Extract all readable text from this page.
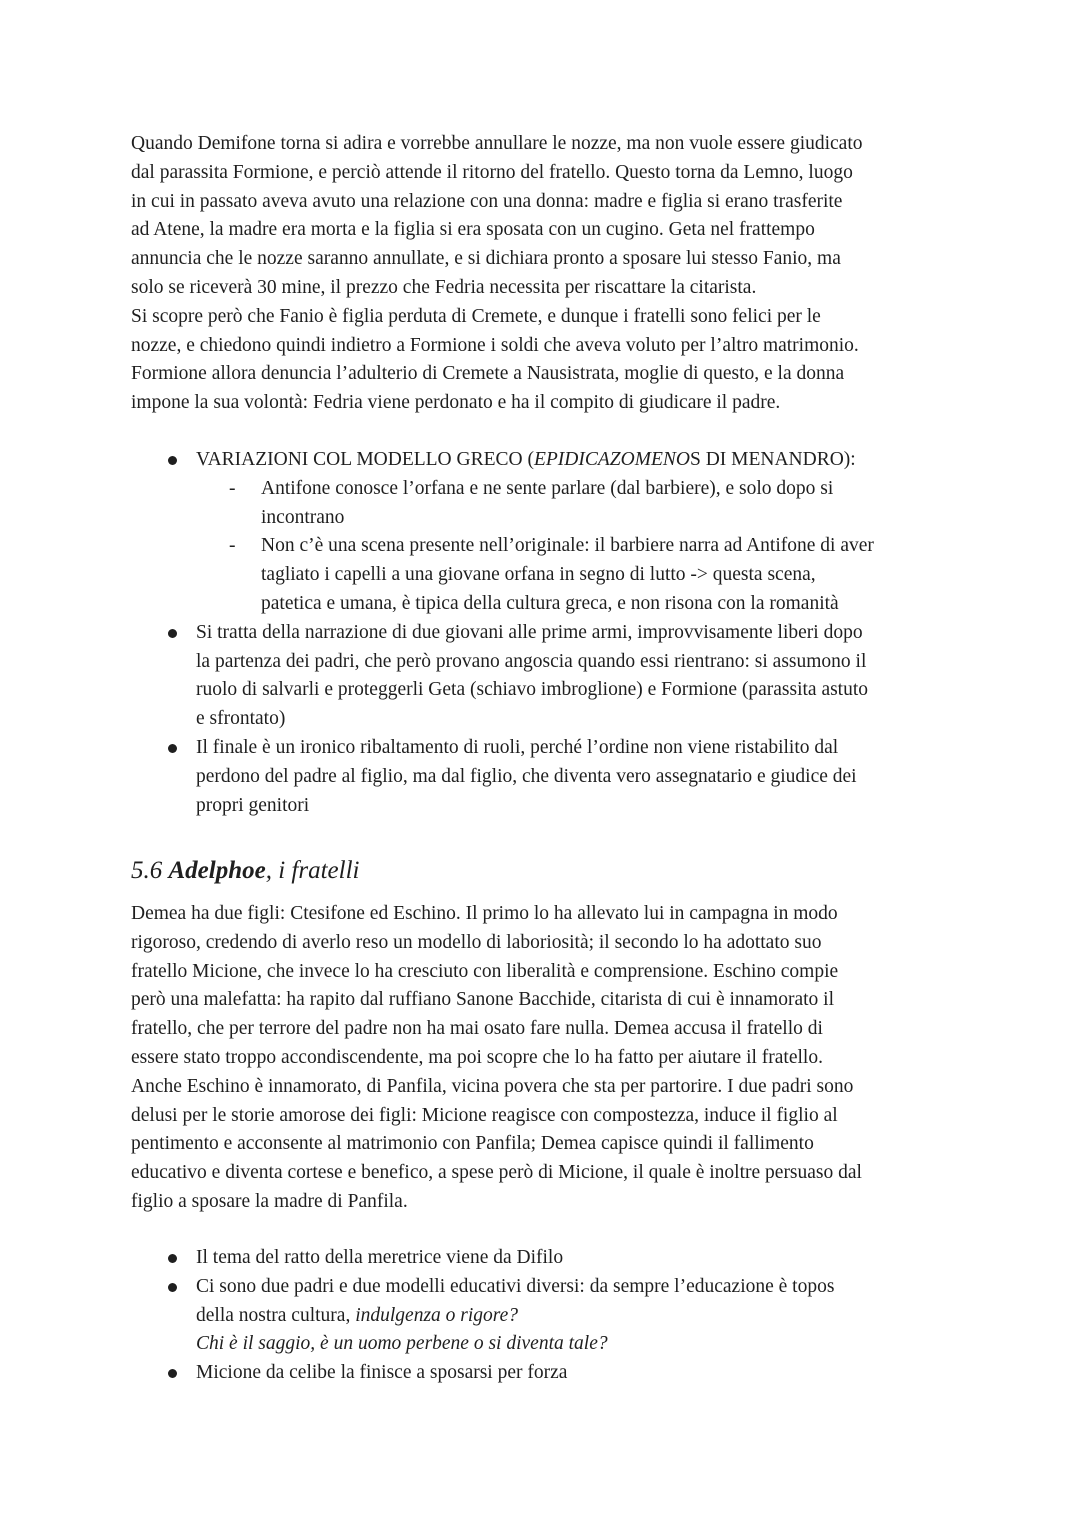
Quando Demifone torna si adira e vorrebbe annullare le nozze, ma non vuole essere giudicato
dal parassita Formione, e perciò attende il ritorno del fratello. Questo torna da Lemno, luogo
in cui in passato aveva avuto una relazione con una donna: madre e figlia si erano trasferite
ad Atene, la madre era morta e la figlia si era sposata con un cugino. Geta nel frattempo
annuncia che le nozze saranno annullate, e si dichiara pronto a sposare lui stesso Fanio, ma
solo se riceverà 30 mine, il prezzo che Fedria necessita per riscattare la citarista.
Si scopre però che Fanio è figlia perduta di Cremete, e dunque i fratelli sono felici per le
nozze, e chiedono quindi indietro a Formione i soldi che aveva voluto per l’altro matrimonio.
Formione allora denuncia l’adulterio di Cremete a Nausistrata, moglie di questo, e la donna
impone la sua volontà: Fedria viene perdonato e ha il compito di giudicare il padre.

VARIAZIONI COL MODELLO GRECO (EPIDICAZOMENOS DI MENANDRO):
- Antifone conosce l’orfana e ne sente parlare (dal barbiere), e solo dopo si
incontrano
- Non c’è una scena presente nell’originale: il barbiere narra ad Antifone di aver
tagliato i capelli a una giovane orfana in segno di lutto -> questa scena,
patetica e umana, è tipica della cultura greca, e non risona con la romanità
Si tratta della narrazione di due giovani alle prime armi, improvvisamente liberi dopo
la partenza dei padri, che però provano angoscia quando essi rientrano: si assumono il
ruolo di salvarli e proteggerli Geta (schiavo imbroglione) e Formione (parassita astuto
e sfrontato)
Il finale è un ironico ribaltamento di ruoli, perché l’ordine non viene ristabilito dal
perdono del padre al figlio, ma dal figlio, che diventa vero assegnatario e giudice dei
propri genitori
5.6 Adelphoe, i fratelli

Demea ha due figli: Ctesifone ed Eschino. Il primo lo ha allevato lui in campagna in modo
rigoroso, credendo di averlo reso un modello di laboriosità; il secondo lo ha adottato suo
fratello Micione, che invece lo ha cresciuto con liberalità e comprensione. Eschino compie
però una malefatta: ha rapito dal ruffiano Sanone Bacchide, citarista di cui è innamorato il
fratello, che per terrore del padre non ha mai osato fare nulla. Demea accusa il fratello di
essere stato troppo accondiscendente, ma poi scopre che lo ha fatto per aiutare il fratello.
Anche Eschino è innamorato, di Panfila, vicina povera che sta per partorire. I due padri sono
delusi per le storie amorose dei figli: Micione reagisce con compostezza, induce il figlio al
pentimento e acconsente al matrimonio con Panfila; Demea capisce quindi il fallimento
educativo e diventa cortese e benefico, a spese però di Micione, il quale è inoltre persuaso dal
figlio a sposare la madre di Panfila.

Il tema del ratto della meretrice viene da Difilo
Ci sono due padri e due modelli educativi diversi: da sempre l’educazione è topos
della nostra cultura, indulgenza o rigore?
Chi è il saggio, è un uomo perbene o si diventa tale?
Micione da celibe la finisce a sposarsi per forza
